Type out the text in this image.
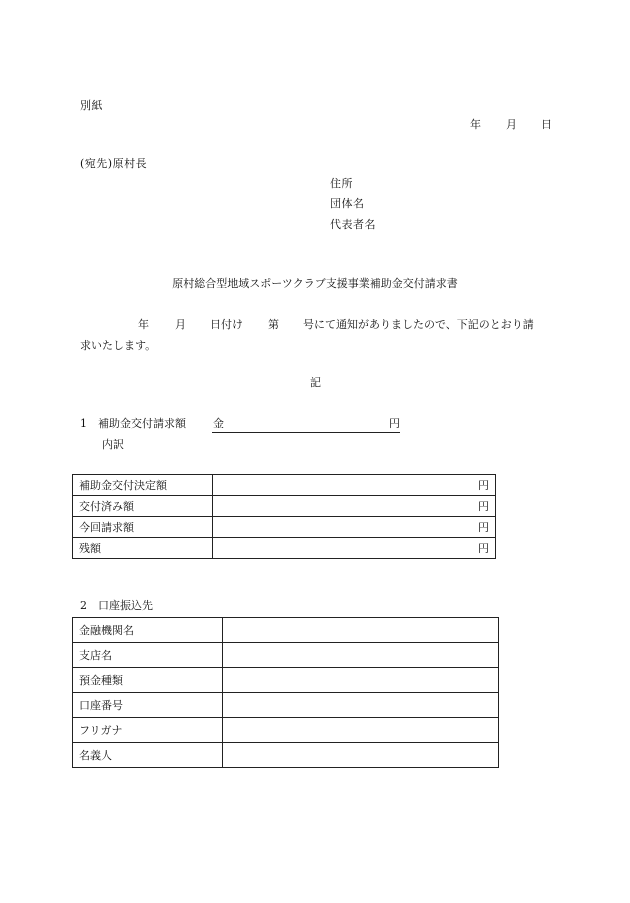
別紙
年 月 日
(宛先)原村長
住所
団体名
代表者名
原村総合型地域スポーツクラブ支援事業補助金交付請求書
年 月 日付け 第 号にて通知がありましたので、下記のとおり請
求いたします。
記
1　補助金交付請求額 金	円
内訳
補助金交付決定額	円
交付済み額	円
今回請求額	円
残額	円
2　口座振込先
金融機関名	
支店名	
預金種類	
口座番号	
フリガナ	
名義人	
